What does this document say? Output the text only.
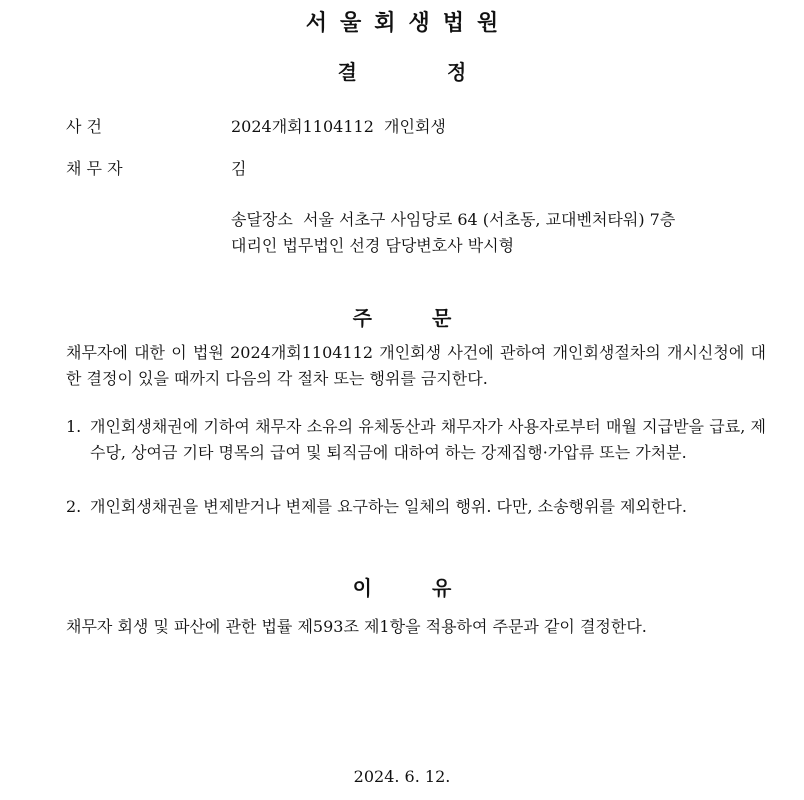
서울회생법원
결	정
사 건	2024개회1104112  개인회생
채 무 자	김
송달장소  서울 서초구 사임당로 64 (서초동, 교대벤처타워) 7층
대리인 법무법인 선경 담당변호사 박시형
주	문
채무자에 대한 이 법원 2024개회1104112 개인회생 사건에 관하여 개인회생절차의 개시신청에 대한 결정이 있을 때까지 다음의 각 절차 또는 행위를 금지한다.
1. 개인회생채권에 기하여 채무자 소유의 유체동산과 채무자가 사용자로부터 매월 지급받을 급료, 제수당, 상여금 기타 명목의 급여 및 퇴직금에 대하여 하는 강제집행·가압류 또는 가처분.
2. 개인회생채권을 변제받거나 변제를 요구하는 일체의 행위. 다만, 소송행위를 제외한다.
이	유
채무자 회생 및 파산에 관한 법률 제593조 제1항을 적용하여 주문과 같이 결정한다.
2024. 6. 12.
